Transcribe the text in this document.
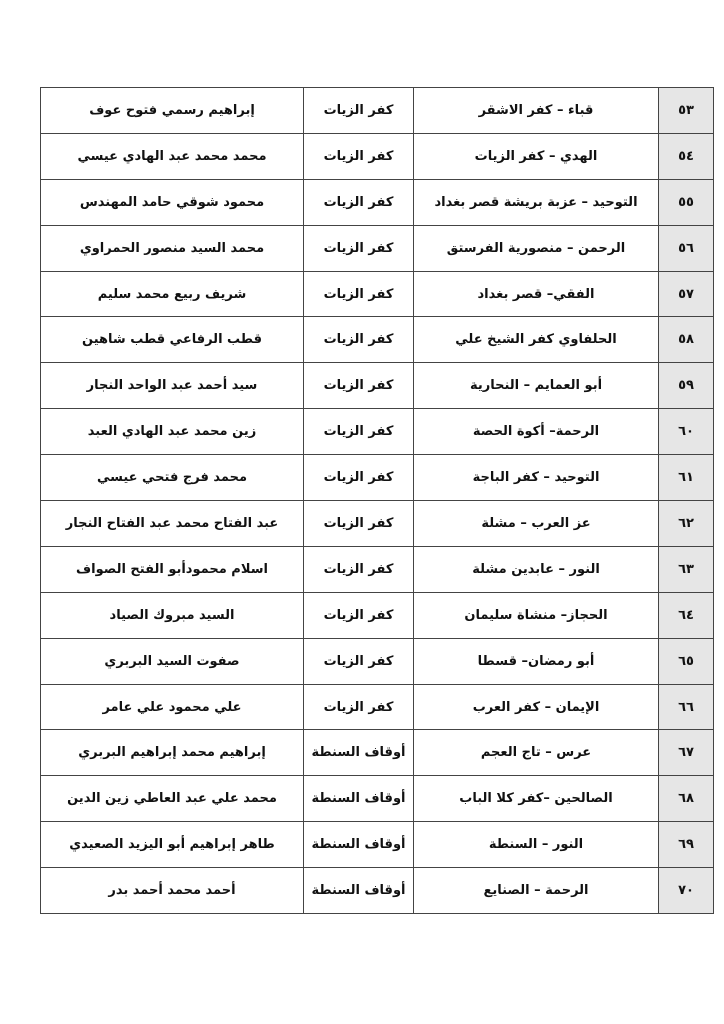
٥٣	قباء – كفر الاشقر	كفر الزيات	إبراهيم رسمي فتوح عوف
٥٤	الهدي – كفر الزيات	كفر الزيات	محمد محمد عبد الهادي عيسي
٥٥	التوحيد – عزبة بريشة قصر بغداد	كفر الزيات	محمود شوقي حامد المهندس
٥٦	الرحمن – منصورية الفرستق	كفر الزيات	محمد السيد منصور الحمراوي
٥٧	الفقي– قصر بغداد	كفر الزيات	شريف ربيع محمد سليم
٥٨	الحلفاوي كفر الشيخ علي	كفر الزيات	قطب الرفاعي قطب شاهين
٥٩	أبو العمايم – النحارية	كفر الزيات	سيد أحمد عبد الواحد النجار
٦٠	الرحمة– أكوة الحصة	كفر الزيات	زين محمد عبد الهادي العبد
٦١	التوحيد – كفر الباجة	كفر الزيات	محمد فرج فتحي عيسي
٦٢	عز العرب – مشلة	كفر الزيات	عبد الفتاح محمد عبد الفتاح النجار
٦٣	النور – عابدين مشلة	كفر الزيات	اسلام محمودأبو الفتح الصواف
٦٤	الحجاز– منشاة سليمان	كفر الزيات	السيد مبروك الصياد
٦٥	أبو رمضان– قسطا	كفر الزيات	صفوت السيد البربري
٦٦	الإيمان – كفر العرب	كفر الزيات	علي محمود علي عامر
٦٧	عرس – تاج العجم	أوقاف السنطة	إبراهيم محمد إبراهيم البربري
٦٨	الصالحين –كفر كلا الباب	أوقاف السنطة	محمد علي عبد العاطي زين الدين
٦٩	النور – السنطة	أوقاف السنطة	طاهر إبراهيم أبو اليزيد الصعيدي
٧٠	الرحمة – الصنايع	أوقاف السنطة	أحمد محمد أحمد بدر
